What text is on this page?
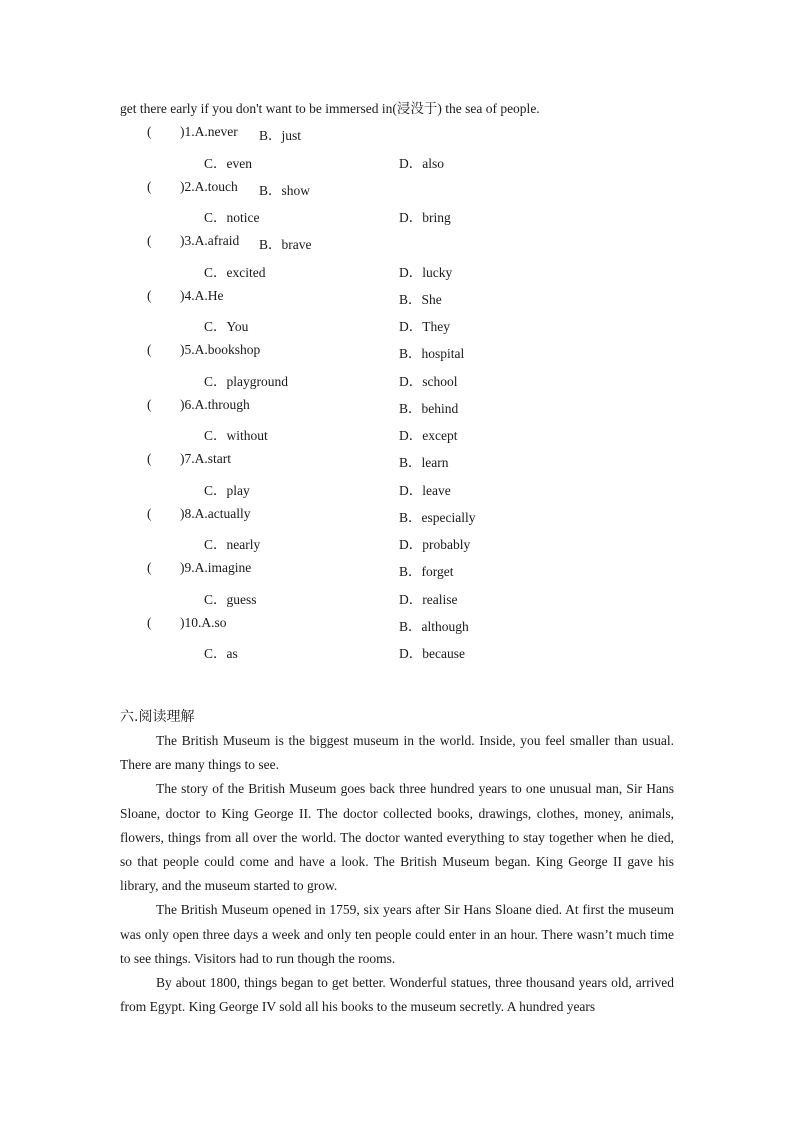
get there early if you don't want to be immersed in(浸没于) the sea of people.
( )1.A.never B．just
C．even	D．also
( )2.A.touch B．show
C．notice	D．bring
( )3.A.afraid B．brave
C．excited	D．lucky
( )4.A.He	B．She
C．You	D．They
( )5.A.bookshop	B．hospital
C．playground	D．school
( )6.A.through	B．behind
C．without	D．except
( )7.A.start	B．learn
C．play	D．leave
( )8.A.actually	B．especially
C．nearly	D．probably
( )9.A.imagine	B．forget
C．guess	D．realise
( )10.A.so	B．although
C．as	D．because
六.阅读理解

The British Museum is the biggest museum in the world. Inside, you feel smaller than usual. There are many things to see.

The story of the British Museum goes back three hundred years to one unusual man, Sir Hans Sloane, doctor to King George II. The doctor collected books, drawings, clothes, money, animals, flowers, things from all over the world. The doctor wanted everything to stay together when he died, so that people could come and have a look. The British Museum began. King George II gave his library, and the museum started to grow.

The British Museum opened in 1759, six years after Sir Hans Sloane died. At first the museum was only open three days a week and only ten people could enter in an hour. There wasn’t much time to see things. Visitors had to run though the rooms.

By about 1800, things began to get better. Wonderful statues, three thousand years old, arrived from Egypt. King George IV sold all his books to the museum secretly. A hundred years
